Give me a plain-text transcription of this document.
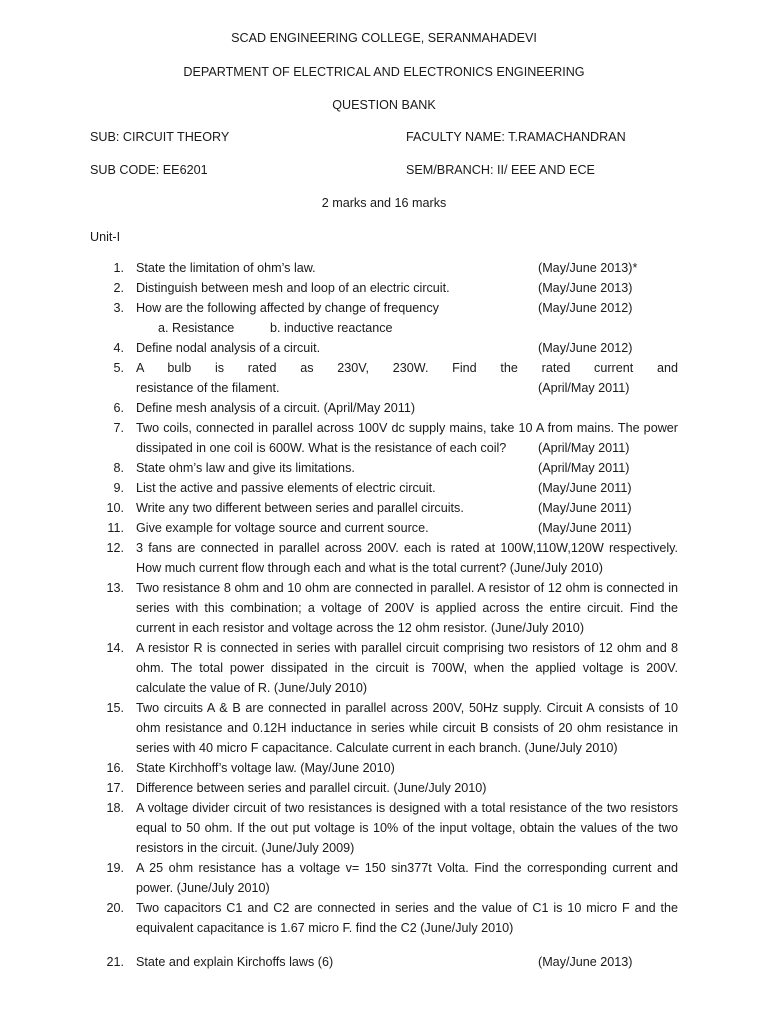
SCAD ENGINEERING COLLEGE, SERANMAHADEVI
DEPARTMENT OF ELECTRICAL AND ELECTRONICS ENGINEERING
QUESTION BANK
SUB: CIRCUIT THEORY	FACULTY NAME: T.RAMACHANDRAN
SUB CODE: EE6201	SEM/BRANCH: II/ EEE AND ECE
2 marks and 16 marks
Unit-I
1. State the limitation of ohm’s law.	(May/June 2013)*
2. Distinguish between mesh and loop of an electric circuit.	(May/June 2013)
3. How are the following affected by change of frequency	(May/June 2012)
a. Resistance	b. inductive reactance
4. Define nodal analysis of a circuit.	(May/June 2012)
5. A bulb is rated as 230V, 230W. Find the rated current and
resistance of the filament.	(April/May 2011)
6. Define mesh analysis of a circuit. (April/May 2011)
7. Two coils, connected in parallel across 100V dc supply mains, take 10 A from mains. The power
dissipated in one coil is 600W. What is the resistance of each coil?	(April/May 2011)
8. State ohm’s law and give its limitations.	(April/May 2011)
9. List the active and passive elements of electric circuit.	(May/June 2011)
10. Write any two different between series and parallel circuits.	(May/June 2011)
11. Give example for voltage source and current source.	(May/June 2011)
12. 3 fans are connected in parallel across 200V. each is rated at 100W,110W,120W respectively. How much current flow through each and what is the total current? (June/July 2010)
13. Two resistance 8 ohm and 10 ohm are connected in parallel. A resistor of 12 ohm is connected in series with this combination; a voltage of 200V is applied across the entire circuit. Find the current in each resistor and voltage across the 12 ohm resistor. (June/July 2010)
14. A resistor R is connected in series with parallel circuit comprising two resistors of 12 ohm and 8 ohm. The total power dissipated in the circuit is 700W, when the applied voltage is 200V. calculate the value of R. (June/July 2010)
15. Two circuits A & B are connected in parallel across 200V, 50Hz supply. Circuit A consists of 10 ohm resistance and 0.12H inductance in series while circuit B consists of 20 ohm resistance in series with 40 micro F capacitance. Calculate current in each branch. (June/July 2010)
16. State Kirchhoff’s voltage law. (May/June 2010)
17. Difference between series and parallel circuit. (June/July 2010)
18. A voltage divider circuit of two resistances is designed with a total resistance of the two resistors equal to 50 ohm. If the out put voltage is 10% of the input voltage, obtain the values of the two resistors in the circuit. (June/July 2009)
19. A 25 ohm resistance has a voltage v= 150 sin377t Volta. Find the corresponding current and power. (June/July 2010)
20. Two capacitors C1 and C2 are connected in series and the value of C1 is 10 micro F and the equivalent capacitance is 1.67 micro F. find the C2 (June/July 2010)
21. State and explain Kirchoffs laws (6)	(May/June 2013)
